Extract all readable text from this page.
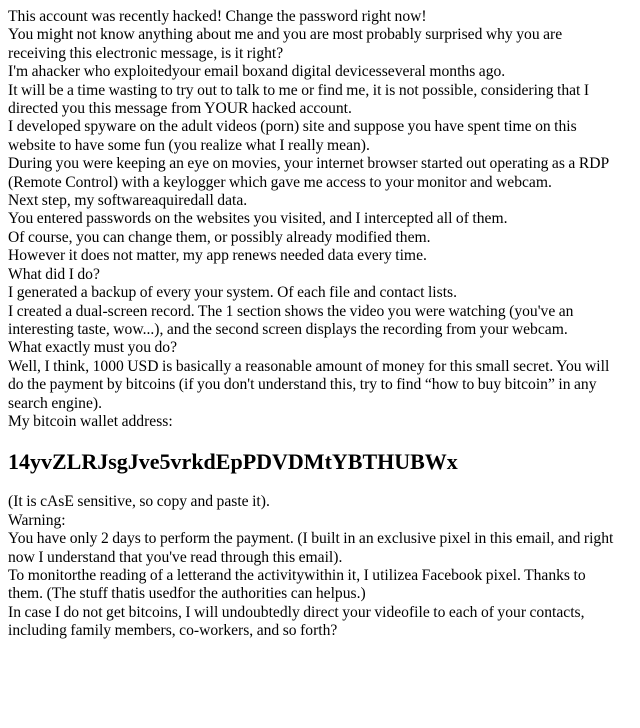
This account was recently hacked! Change the password right now!

You might not know anything about me and you are most probably surprised why you are receiving this electronic message, is it right?

I'm ahacker who exploitedyour email boxand digital devicesseveral months ago.

It will be a time wasting to try out to talk to me or find me, it is not possible, considering that I directed you this message from YOUR hacked account.

I developed spyware on the adult videos (porn) site and suppose you have spent time on this website to have some fun (you realize what I really mean).

During you were keeping an eye on movies, your internet browser started out operating as a RDP (Remote Control) with a keylogger which gave me access to your monitor and webcam.

Next step, my softwareaquiredall data.

You entered passwords on the websites you visited, and I intercepted all of them.

Of course, you can change them, or possibly already modified them.

However it does not matter, my app renews needed data every time.

What did I do?

I generated a backup of every your system. Of each file and contact lists.

I created a dual-screen record. The 1 section shows the video you were watching (you've an interesting taste, wow...), and the second screen displays the recording from your webcam.

What exactly must you do?

Well, I think, 1000 USD is basically a reasonable amount of money for this small secret. You will do the payment by bitcoins (if you don't understand this, try to find “how to buy bitcoin” in any search engine).

My bitcoin wallet address:

14yvZLRJsgJve5vrkdEpPDVDMtYBTHUBWx

(It is cAsE sensitive, so copy and paste it).

Warning:

You have only 2 days to perform the payment. (I built in an exclusive pixel in this email, and right now I understand that you've read through this email).

To monitorthe reading of a letterand the activitywithin it, I utilizea Facebook pixel. Thanks to them. (The stuff thatis usedfor the authorities can helpus.)

In case I do not get bitcoins, I will undoubtedly direct your videofile to each of your contacts, including family members, co-workers, and so forth?
